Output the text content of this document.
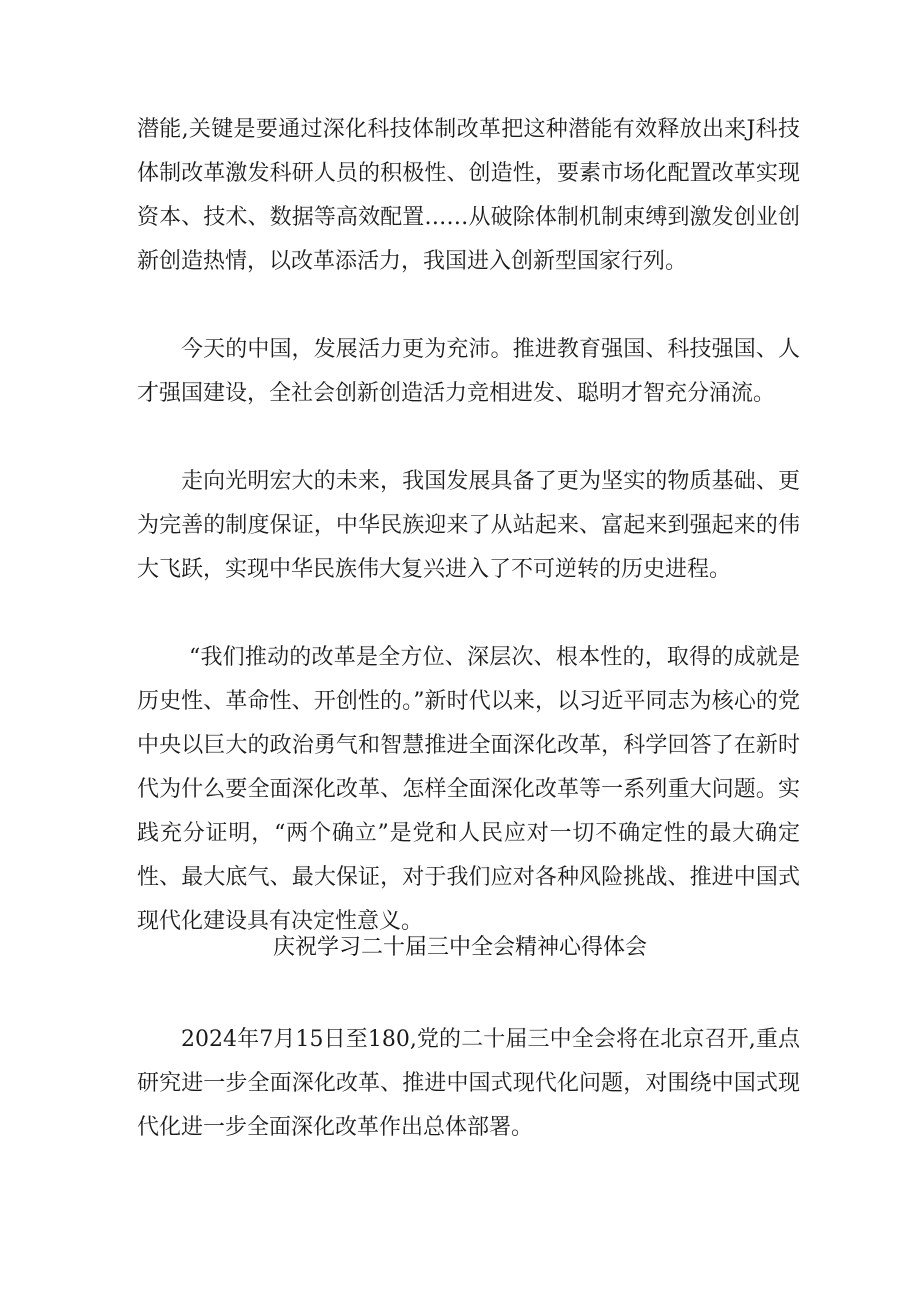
潜能,关键是要通过深化科技体制改革把这种潜能有效释放出来J科技体制改革激发科研人员的积极性、创造性，要素市场化配置改革实现资本、技术、数据等高效配置……从破除体制机制束缚到激发创业创新创造热情，以改革添活力，我国进入创新型国家行列。

今天的中国，发展活力更为充沛。推进教育强国、科技强国、人才强国建设，全社会创新创造活力竞相进发、聪明才智充分涌流。

走向光明宏大的未来，我国发展具备了更为坚实的物质基础、更为完善的制度保证，中华民族迎来了从站起来、富起来到强起来的伟大飞跃，实现中华民族伟大复兴进入了不可逆转的历史进程。

“我们推动的改革是全方位、深层次、根本性的，取得的成就是历史性、革命性、开创性的。”新时代以来，以习近平同志为核心的党中央以巨大的政治勇气和智慧推进全面深化改革，科学回答了在新时代为什么要全面深化改革、怎样全面深化改革等一系列重大问题。实践充分证明，“两个确立”是党和人民应对一切不确定性的最大确定性、最大底气、最大保证，对于我们应对各种风险挑战、推进中国式现代化建设具有决定性意义。

庆祝学习二十届三中全会精神心得体会

2024年7月15日至180,党的二十届三中全会将在北京召开,重点研究进一步全面深化改革、推进中国式现代化问题，对围绕中国式现代化进一步全面深化改革作出总体部署。
